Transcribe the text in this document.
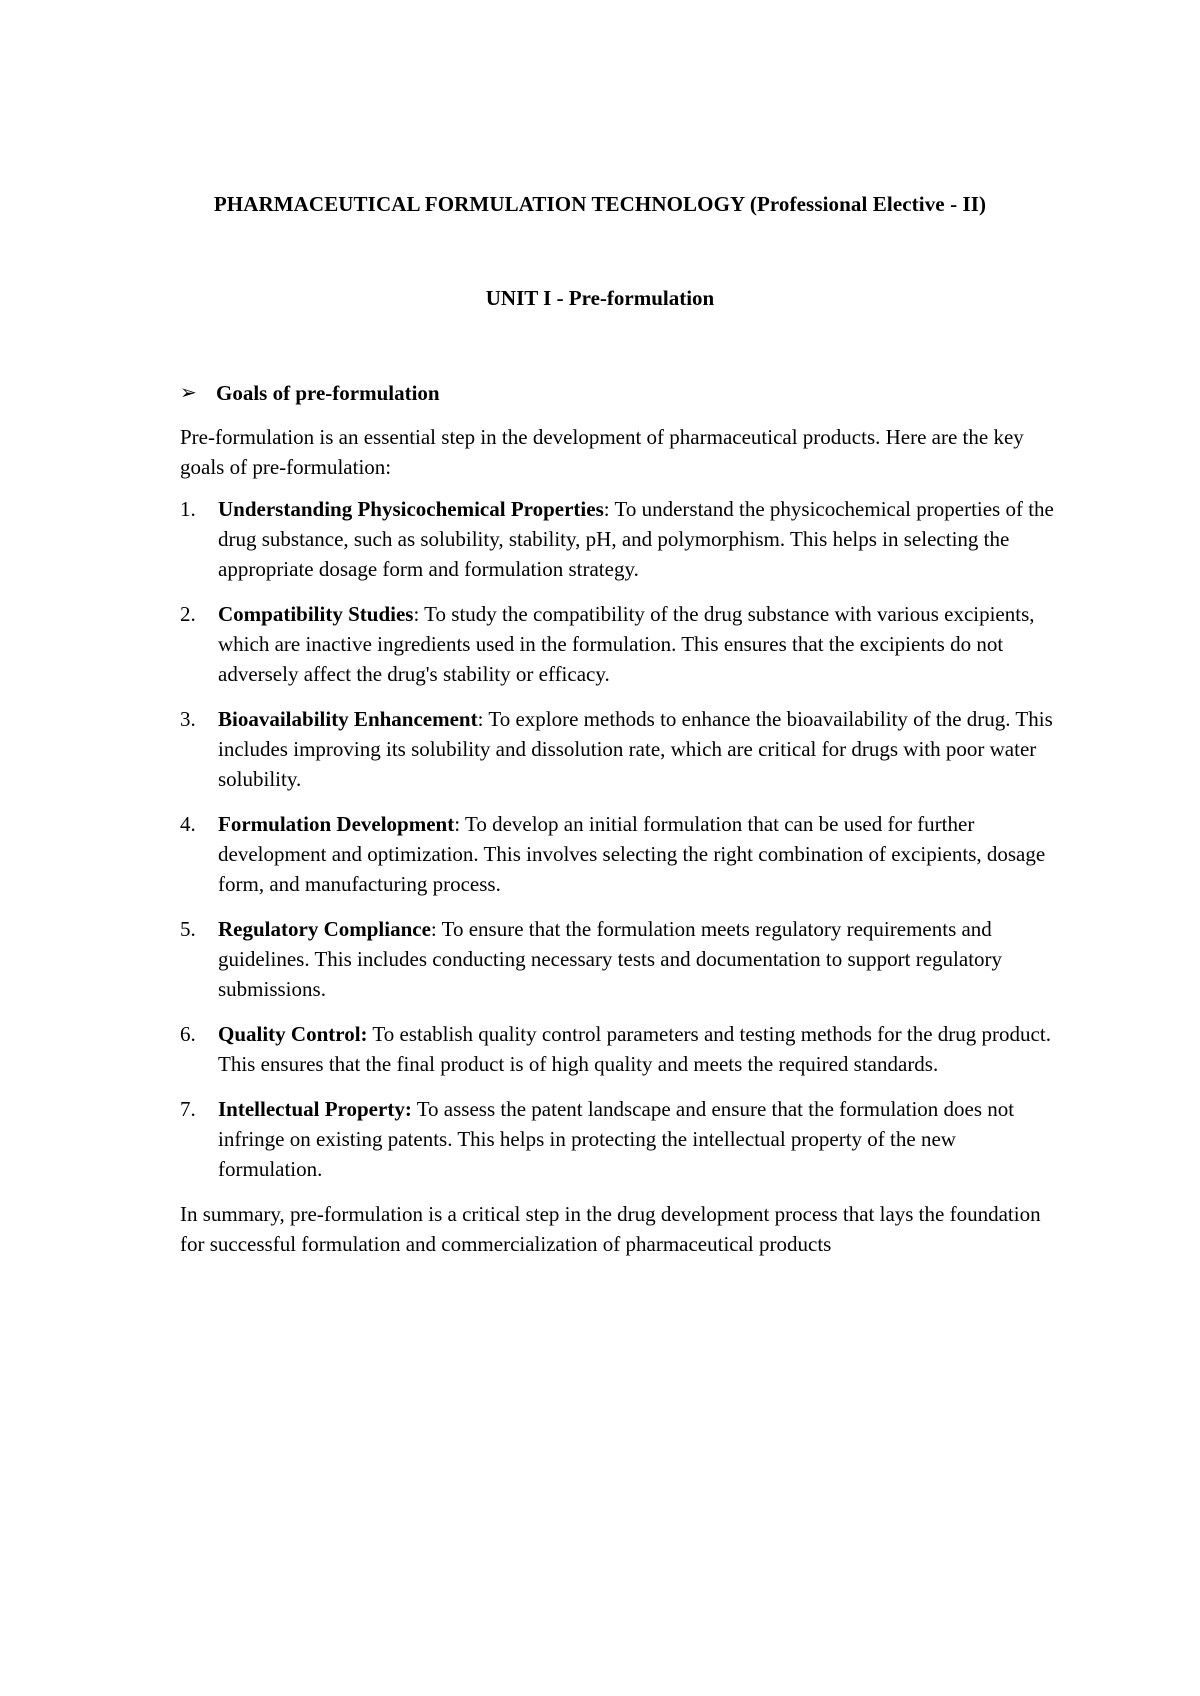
PHARMACEUTICAL FORMULATION TECHNOLOGY (Professional Elective - II)
UNIT I - Pre-formulation
➢ Goals of pre-formulation

Pre-formulation is an essential step in the development of pharmaceutical products. Here are the key goals of pre-formulation:

1.	Understanding Physicochemical Properties: To understand the physicochemical properties of the drug substance, such as solubility, stability, pH, and polymorphism. This helps in selecting the appropriate dosage form and formulation strategy.
2.	Compatibility Studies: To study the compatibility of the drug substance with various excipients, which are inactive ingredients used in the formulation. This ensures that the excipients do not adversely affect the drug's stability or efficacy.
3.	Bioavailability Enhancement: To explore methods to enhance the bioavailability of the drug. This includes improving its solubility and dissolution rate, which are critical for drugs with poor water solubility.
4.	Formulation Development: To develop an initial formulation that can be used for further development and optimization. This involves selecting the right combination of excipients, dosage form, and manufacturing process.
5.	Regulatory Compliance: To ensure that the formulation meets regulatory requirements and guidelines. This includes conducting necessary tests and documentation to support regulatory submissions.
6.	Quality Control: To establish quality control parameters and testing methods for the drug product. This ensures that the final product is of high quality and meets the required standards.
7.	Intellectual Property: To assess the patent landscape and ensure that the formulation does not infringe on existing patents. This helps in protecting the intellectual property of the new formulation.

In summary, pre-formulation is a critical step in the drug development process that lays the foundation for successful formulation and commercialization of pharmaceutical products
